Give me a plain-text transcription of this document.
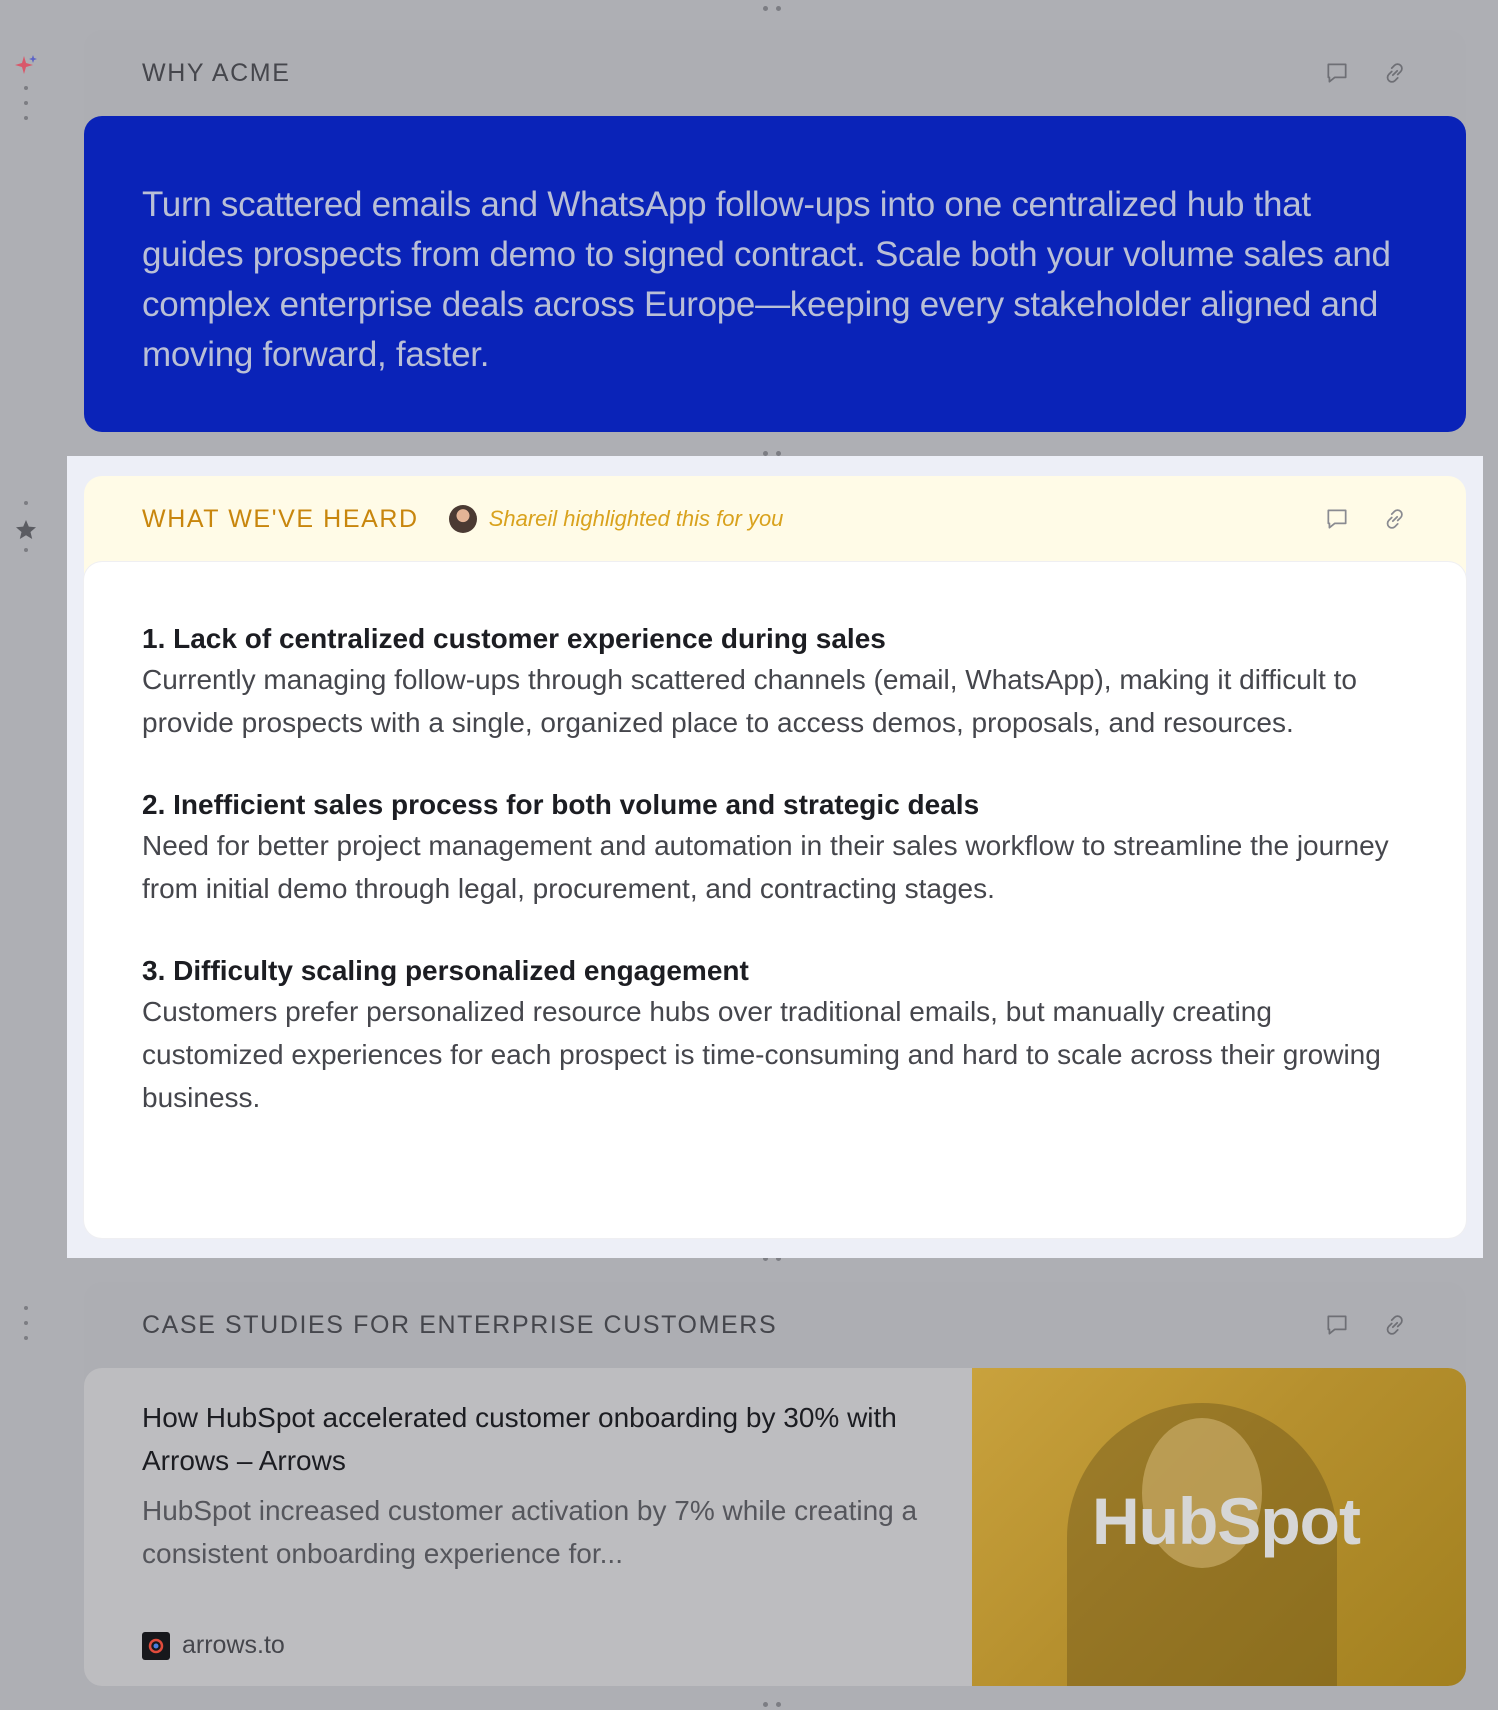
WHY ACME
Turn scattered emails and WhatsApp follow-ups into one centralized hub that guides prospects from demo to signed contract. Scale both your volume sales and complex enterprise deals across Europe—keeping every stakeholder aligned and moving forward, faster.
WHAT WE'VE HEARD	Shareil highlighted this for you
1. Lack of centralized customer experience during sales
Currently managing follow-ups through scattered channels (email, WhatsApp), making it difficult to provide prospects with a single, organized place to access demos, proposals, and resources.
2. Inefficient sales process for both volume and strategic deals
Need for better project management and automation in their sales workflow to streamline the journey from initial demo through legal, procurement, and contracting stages.
3. Difficulty scaling personalized engagement
Customers prefer personalized resource hubs over traditional emails, but manually creating customized experiences for each prospect is time-consuming and hard to scale across their growing business.
CASE STUDIES FOR ENTERPRISE CUSTOMERS
How HubSpot accelerated customer onboarding by 30% with Arrows – Arrows
HubSpot increased customer activation by 7% while creating a consistent onboarding experience for...
arrows.to
HubSpot
